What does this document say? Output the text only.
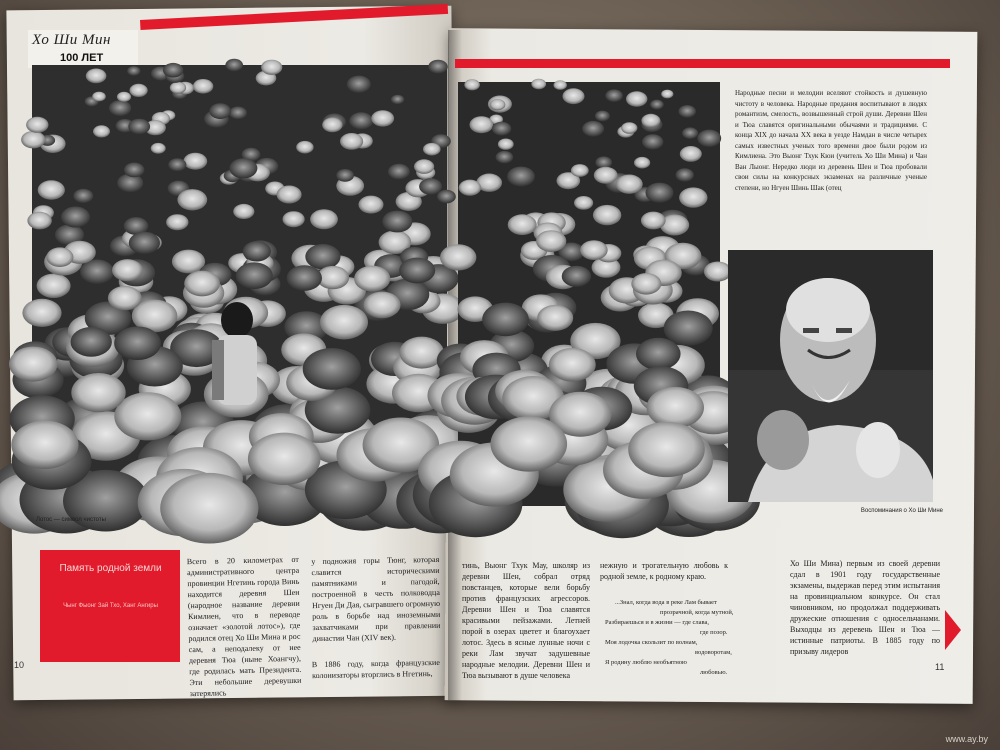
Хо Ши Мин
100 ЛЕТ
Лотос — символ чистоты
Воспоминания о Хо Ши Мине
Народные песни и мелодии вселяют стойкость и душевную чистоту в человека. Народные предания воспитывают в людях романтизм, смелость, возвышенный строй души. Деревни Шен и Тюа славятся оригинальными обычаями и традициями. С конца XIX до начала XX века в уезде Намдан в числе четырех самых известных ученых того времени двое были родом из Кимлиена. Это Выонг Тхук Кюи (учитель Хо Ши Мина) и Чан Ван Лыонг. Нередко люди из деревень Шен и Тюа пробовали свои силы на конкурсных экзаменах на различные ученые степени, но Нгуен Шинь Шак (отец
Память родной земли
Чынг Фыонг Зай Тхо, Ханг Ангиры
Всего в 20 километрах от административного центра провинции Нгетинь города Винь находится деревня Шен (народное название деревни Кимлиен, что в переводе означает «золотой лотос»), где родился отец Хо Ши Мина и рос сам, а неподалеку от нее деревня Тюа (ныне Хоангчу), где родилась мать Президента. Эти небольшие деревушки затерялись
у подножия горы Тюнг, которая славится историческими памятниками и пагодой, построенной в честь полководца Нгуен Ди Дая, сыгравшего огромную роль в борьбе над иноземными захватчиками при правлении династии Чан (XIV век).
В 1886 году, когда французские колонизаторы вторглись в Нгетинь,
тинь, Выонг Тхук Мау, школяр из деревни Шен, собрал отряд повстанцев, которые вели борьбу против французских агрессоров. Деревни Шен и Тюа славятся красивыми пейзажами. Летней порой в озерах цветет и благоухает лотос. Здесь в ясные лунные ночи с реки Лам звучат задушевные народные мелодии. Деревни Шен и Тюа вызывают в душе человека
нежную и трогательную любовь к родной земле, к родному краю.
...Знал, когда вода в реке Лам бывает
прозрачной, когда мутной,
Разбираешься и в жизни — где слава,
где позор.
Моя лодочка скользит по волнам,
водоворотам,
Я родину люблю необъятною
любовью.
Хо Ши Мина) первым из своей деревни сдал в 1901 году государственные экзамены, выдержав перед этим испытания на провинциальном конкурсе. Он стал чиновником, но продолжал поддерживать дружеские отношения с односельчанами. Выходцы из деревень Шен и Тюа — истинные патриоты. В 1885 году по призыву лидеров
10	11
www.ay.by
